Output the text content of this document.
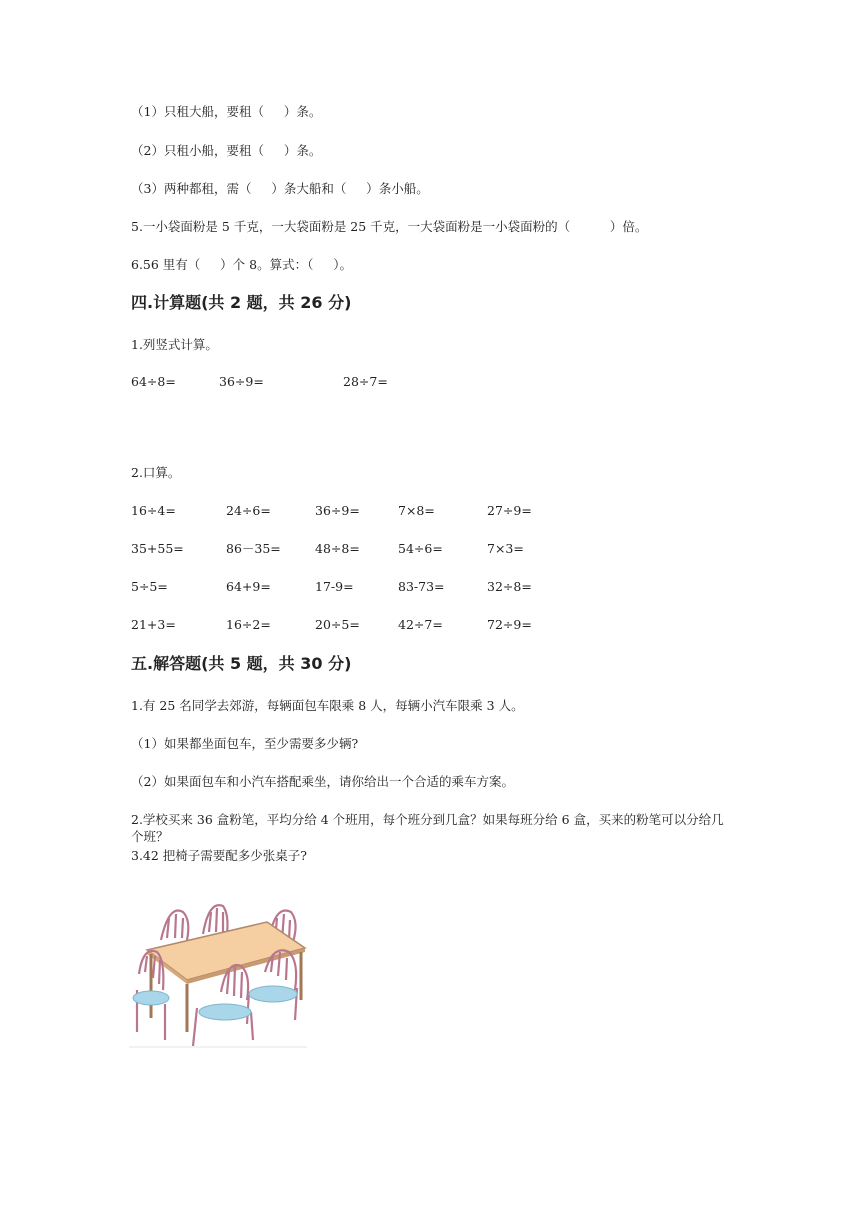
（1）只租大船，要租（     ）条。
（2）只租小船，要租（     ）条。
（3）两种都租，需（     ）条大船和（     ）条小船。
5.一小袋面粉是 5 千克，一大袋面粉是 25 千克，一大袋面粉是一小袋面粉的（          ）倍。
6.56 里有（     ）个 8。算式：（     ）。
四.计算题(共 2 题，共 26 分)
1.列竖式计算。
64÷8=	36÷9=	28÷7=
2.口算。
16÷4=	24÷6=	36÷9=	7×8=	27÷9=
35+55=	86－35=	48÷8=	54÷6=	7×3=
5÷5=	64+9=	17-9=	83-73=	32÷8=
21+3=	16÷2=	20÷5=	42÷7=	72÷9=
五.解答题(共 5 题，共 30 分)
1.有 25 名同学去郊游，每辆面包车限乘 8 人，每辆小汽车限乘 3 人。
（1）如果都坐面包车，至少需要多少辆?
（2）如果面包车和小汽车搭配乘坐，请你给出一个合适的乘车方案。
2.学校买来 36 盒粉笔，平均分给 4 个班用，每个班分到几盒？如果每班分给 6 盒，买来的粉笔可以分给几个班？
3.42 把椅子需要配多少张桌子?
